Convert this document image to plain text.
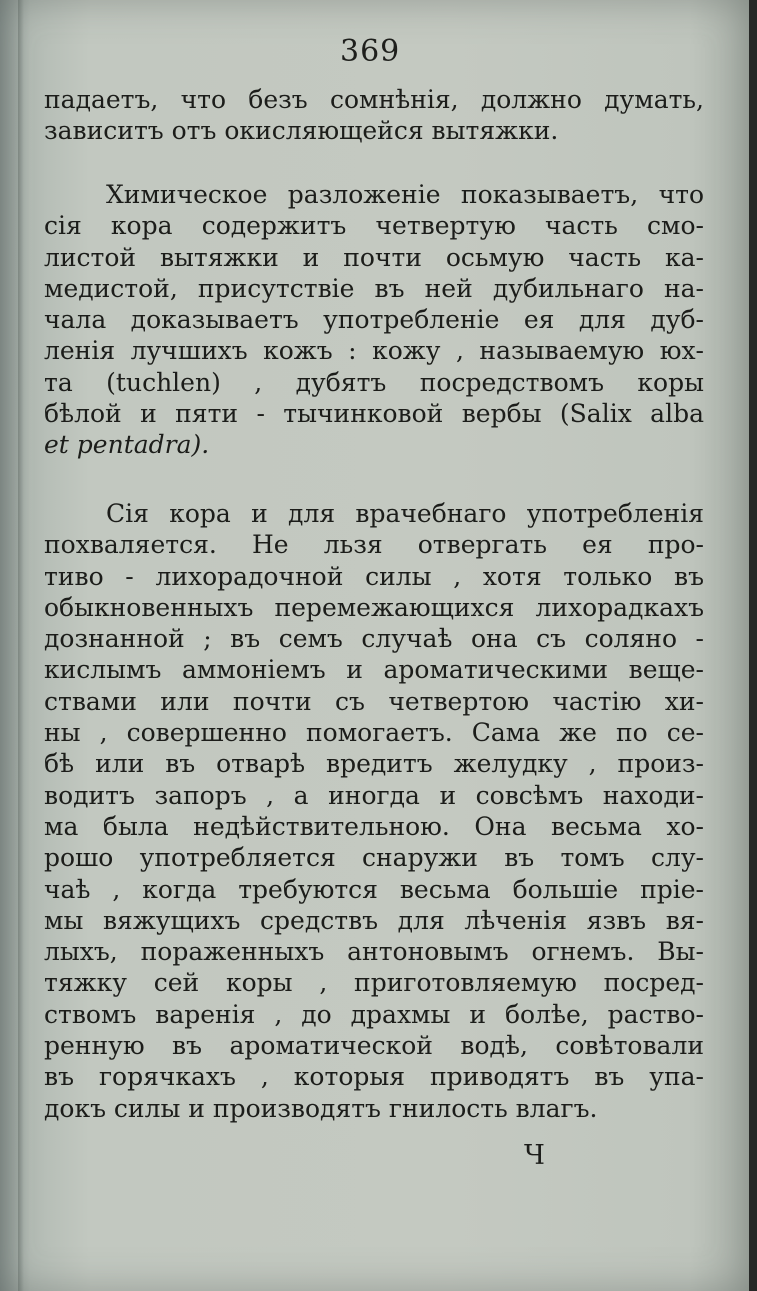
369
падаетъ, что безъ сомнѣнія, должно думать,
зависитъ отъ окисляющейся вытяжки.
Химическое разложеніе показываетъ, что
сія кора содержитъ четвертую часть смо-
листой вытяжки и почти осьмую часть ка-
медистой, присутствіе въ ней дубильнаго на-
чала доказываетъ употребленіе ея для дуб-
ленія лучшихъ кожъ : кожу , называемую юх-
та (tuchlen) , дубятъ посредствомъ коры
бѣлой и пяти - тычинковой вербы (Salix alba
et pentadra).
Сія кора и для врачебнаго употребленія
похваляется. Не льзя отвергать ея про-
тиво - лихорадочной силы , хотя только въ
обыкновенныхъ перемежающихся лихорадкахъ
дознанной ; въ семъ случаѣ она съ соляно -
кислымъ аммоніемъ и ароматическими веще-
ствами или почти съ четвертою частію хи-
ны , совершенно помогаетъ. Сама же по се-
бѣ или въ отварѣ вредитъ желудку , произ-
водитъ запоръ , а иногда и совсѣмъ находи-
ма была недѣйствительною. Она весьма хо-
рошо употребляется снаружи въ томъ слу-
чаѣ , когда требуются весьма большіе пріе-
мы вяжущихъ средствъ для лѣченія язвъ вя-
лыхъ, пораженныхъ антоновымъ огнемъ. Вы-
тяжку сей коры , приготовляемую посред-
ствомъ варенія , до драхмы и болѣе, раство-
ренную въ ароматической водѣ, совѣтовали
въ горячкахъ , которыя приводятъ въ упа-
докъ силы и производятъ гнилость влагъ.
Ч
